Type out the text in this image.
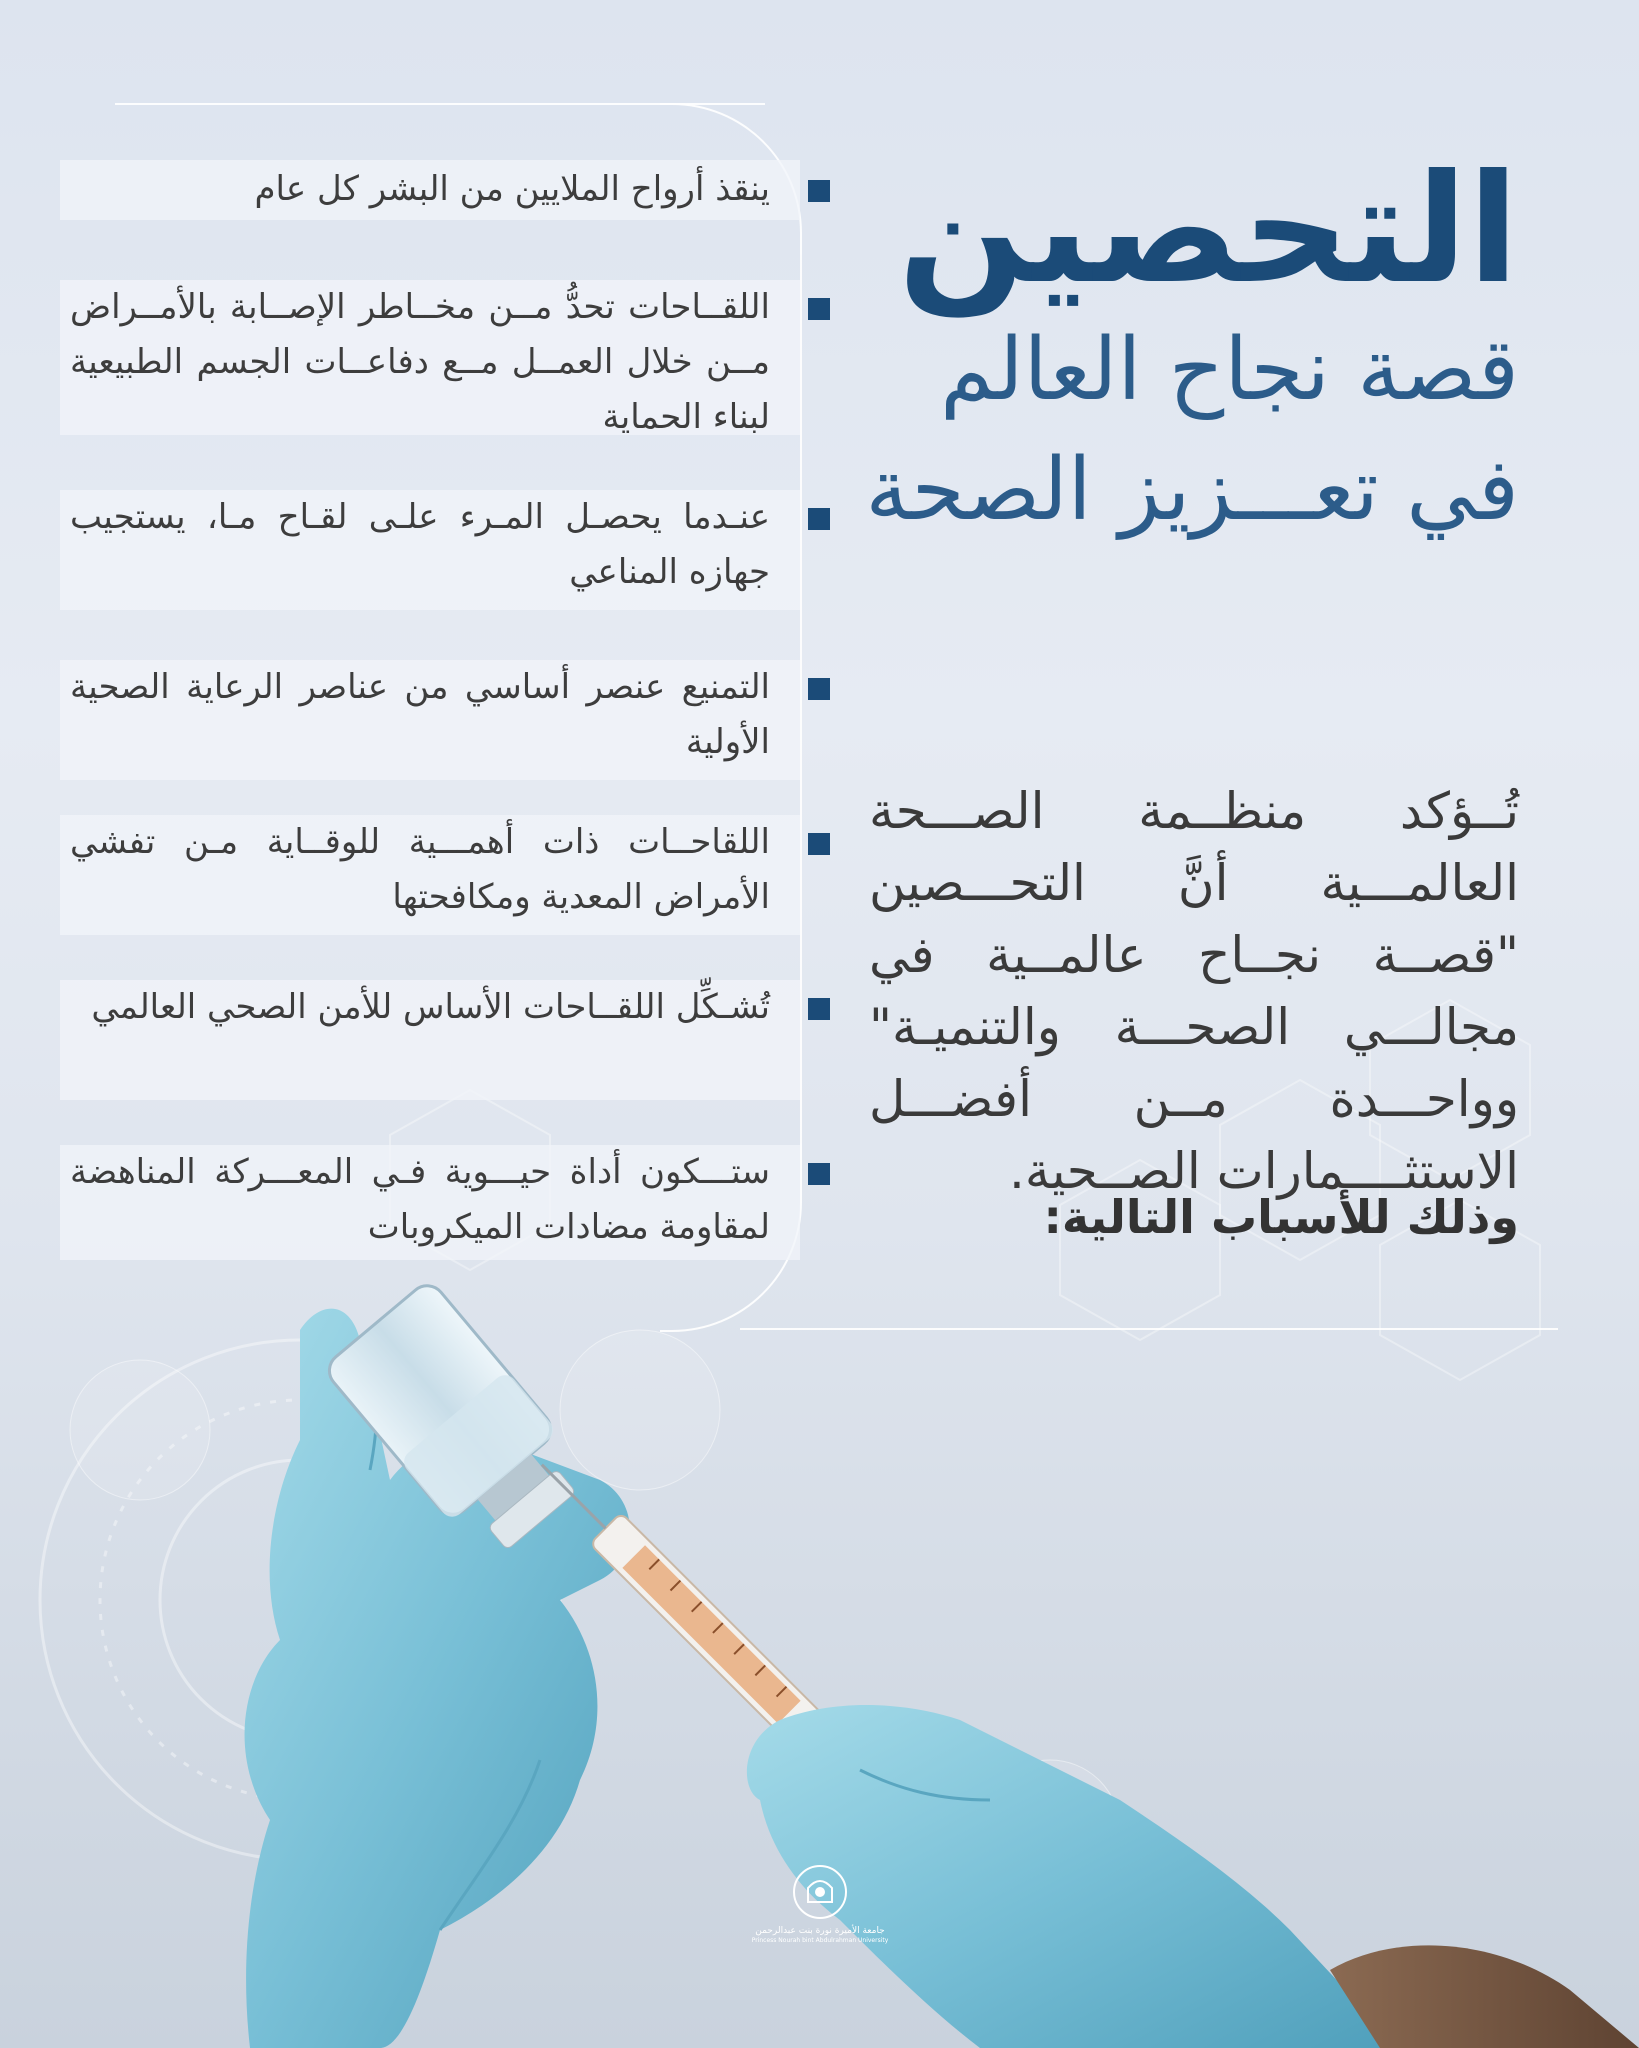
التحصين

قصة نجاح العالم

في تعـــزيز الصحة

تُــؤكد منظــمة الصـــحة العالمـــية أنَّ التحـــصين "قصــة نجــاح عالمــية في مجالـــي الصحـــة والتنميـة" وواحـــدة مــن أفضـــل الاستثــــمارات الصــحية.
وذلك للأسباب التالية:
ينقذ أرواح الملايين من البشر كل عام
اللقــاحات تحدُّ مــن مخــاطر الإصــابة بالأمــراض مــن خلال العمــل مــع دفاعــات الجسم الطبيعية لبناء الحماية
عنـدما يحصـل المـرء علـى لقـاح مـا، يستجيب جهازه المناعي
التمنيع عنصر أساسي من عناصر الرعاية الصحية الأولية
اللقاحــات ذات أهمـــية للوقــاية مـن تفشي الأمراض المعدية ومكافحتها
تُشـكِّل اللقــاحات الأساس للأمن الصحي العالمي
ستـــكون أداة حيـــوية فـي المعـــركة المناهضة لمقاومة مضادات الميكروبات
جامعة الأميرة نورة بنت عبدالرحمن
Princess Nourah bint Abdulrahman University
